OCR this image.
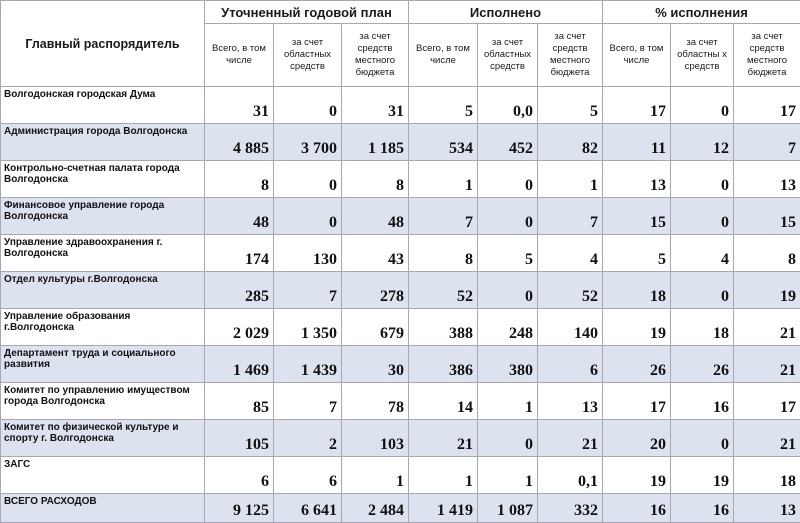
Главный распорядитель	Уточненный годовой план			Исполнено			% исполнения		
	Всего, в том числе	за счет областных средств	за счет средств местного бюджета	Всего, в том числе	за счет областных средств	за счет средств местного бюджета	Всего, в том числе	за счет областны х средств	за счет средств местного бюджета
Волгодонская городская Дума	31	0	31	5	0,0	5	17	0	17
Администрация города Волгодонска	4 885	3 700	1 185	534	452	82	11	12	7
Контрольно-счетная палата города Волгодонска	8	0	8	1	0	1	13	0	13
Финансовое управление города Волгодонска	48	0	48	7	0	7	15	0	15
Управление здравоохранения г. Волгодонска	174	130	43	8	5	4	5	4	8
Отдел культуры г.Волгодонска	285	7	278	52	0	52	18	0	19
Управление образования г.Волгодонска	2 029	1 350	679	388	248	140	19	18	21
Департамент труда и социального развития	1 469	1 439	30	386	380	6	26	26	21
Комитет по управлению имуществом города Волгодонска	85	7	78	14	1	13	17	16	17
Комитет по физической культуре и спорту г. Волгодонска	105	2	103	21	0	21	20	0	21
ЗАГС	6	6	1	1	1	0,1	19	19	18
ВСЕГО РАСХОДОВ	9 125	6 641	2 484	1 419	1 087	332	16	16	13
